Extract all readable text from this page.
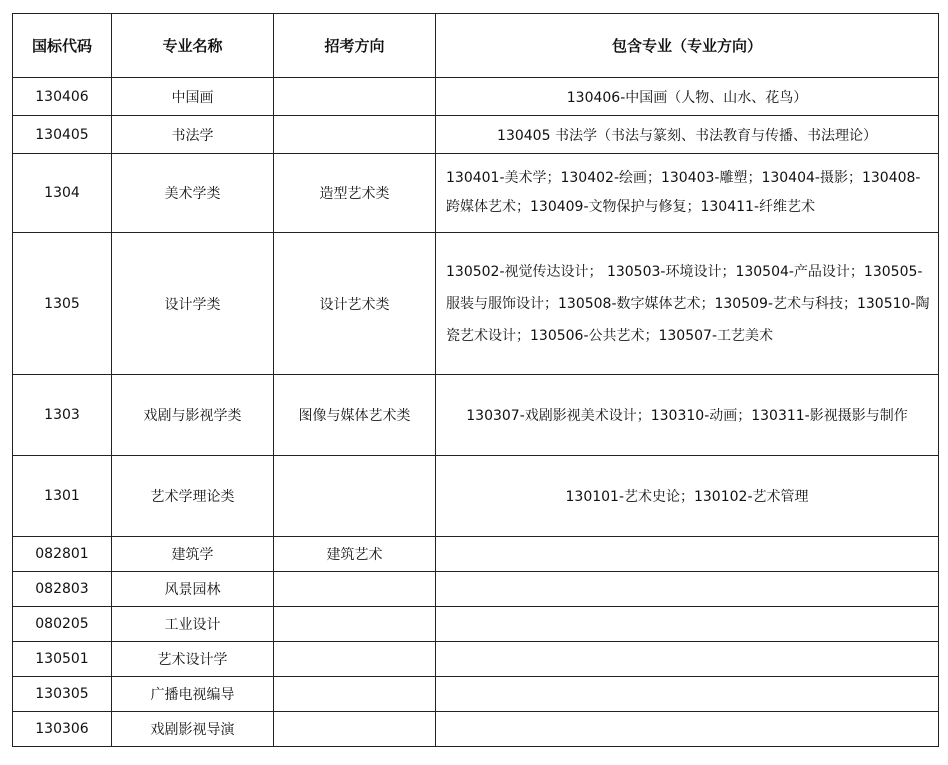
国标代码	专业名称	招考方向	包含专业（专业方向）
130406	中国画		130406-中国画（人物、山水、花鸟）
130405	书法学		130405 书法学（书法与篆刻、书法教育与传播、书法理论）
1304	美术学类	造型艺术类	130401-美术学；130402-绘画；130403-雕塑；130404-摄影；130408-跨媒体艺术；130409-文物保护与修复；130411-纤维艺术
1305	设计学类	设计艺术类	130502-视觉传达设计； 130503-环境设计；130504-产品设计；130505-服装与服饰设计；130508-数字媒体艺术；130509-艺术与科技；130510-陶瓷艺术设计；130506-公共艺术；130507-工艺美术
1303	戏剧与影视学类	图像与媒体艺术类	130307-戏剧影视美术设计；130310-动画；130311-影视摄影与制作
1301	艺术学理论类		130101-艺术史论；130102-艺术管理
082801	建筑学	建筑艺术	
082803	风景园林		
080205	工业设计		
130501	艺术设计学		
130305	广播电视编导		
130306	戏剧影视导演		
